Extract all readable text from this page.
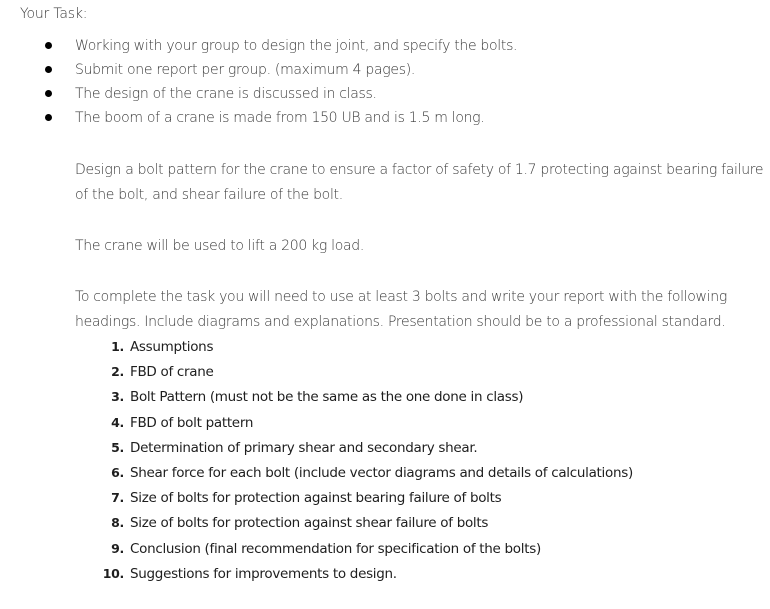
Your Task:
Working with your group to design the joint, and specify the bolts.
Submit one report per group. (maximum 4 pages).
The design of the crane is discussed in class.
The boom of a crane is made from 150 UB and is 1.5 m long.

Design a bolt pattern for the crane to ensure a factor of safety of 1.7 protecting against bearing failure of the bolt, and shear failure of the bolt.

The crane will be used to lift a 200 kg load.

To complete the task you will need to use at least 3 bolts and write your report with the following headings. Include diagrams and explanations. Presentation should be to a professional standard.

1. Assumptions
2. FBD of crane
3. Bolt Pattern (must not be the same as the one done in class)
4. FBD of bolt pattern
5. Determination of primary shear and secondary shear.
6. Shear force for each bolt (include vector diagrams and details of calculations)
7. Size of bolts for protection against bearing failure of bolts
8. Size of bolts for protection against shear failure of bolts
9. Conclusion (final recommendation for specification of the bolts)
10. Suggestions for improvements to design.
